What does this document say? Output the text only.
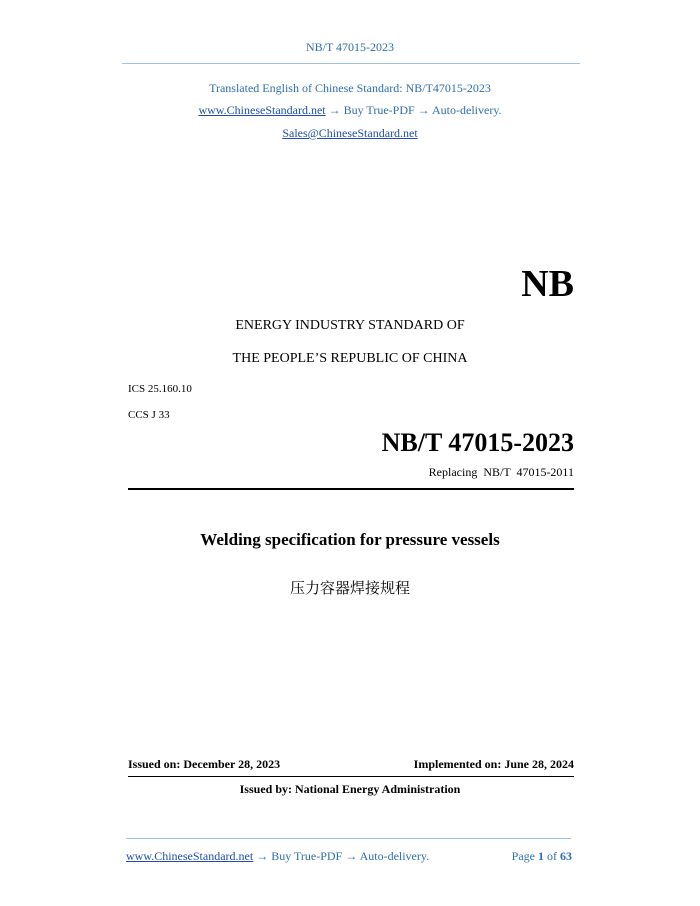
NB/T 47015-2023
Translated English of Chinese Standard: NB/T47015-2023
www.ChineseStandard.net → Buy True-PDF → Auto-delivery.
Sales@ChineseStandard.net
NB
ENERGY INDUSTRY STANDARD OF
THE PEOPLE’S REPUBLIC OF CHINA
ICS 25.160.10
CCS J 33
NB/T 47015-2023
Replacing  NB/T  47015-2011
Welding specification for pressure vessels
压力容器焊接规程
Issued on: December 28, 2023	Implemented on: June 28, 2024
Issued by: National Energy Administration
www.ChineseStandard.net → Buy True-PDF → Auto-delivery.	Page 1 of 63
